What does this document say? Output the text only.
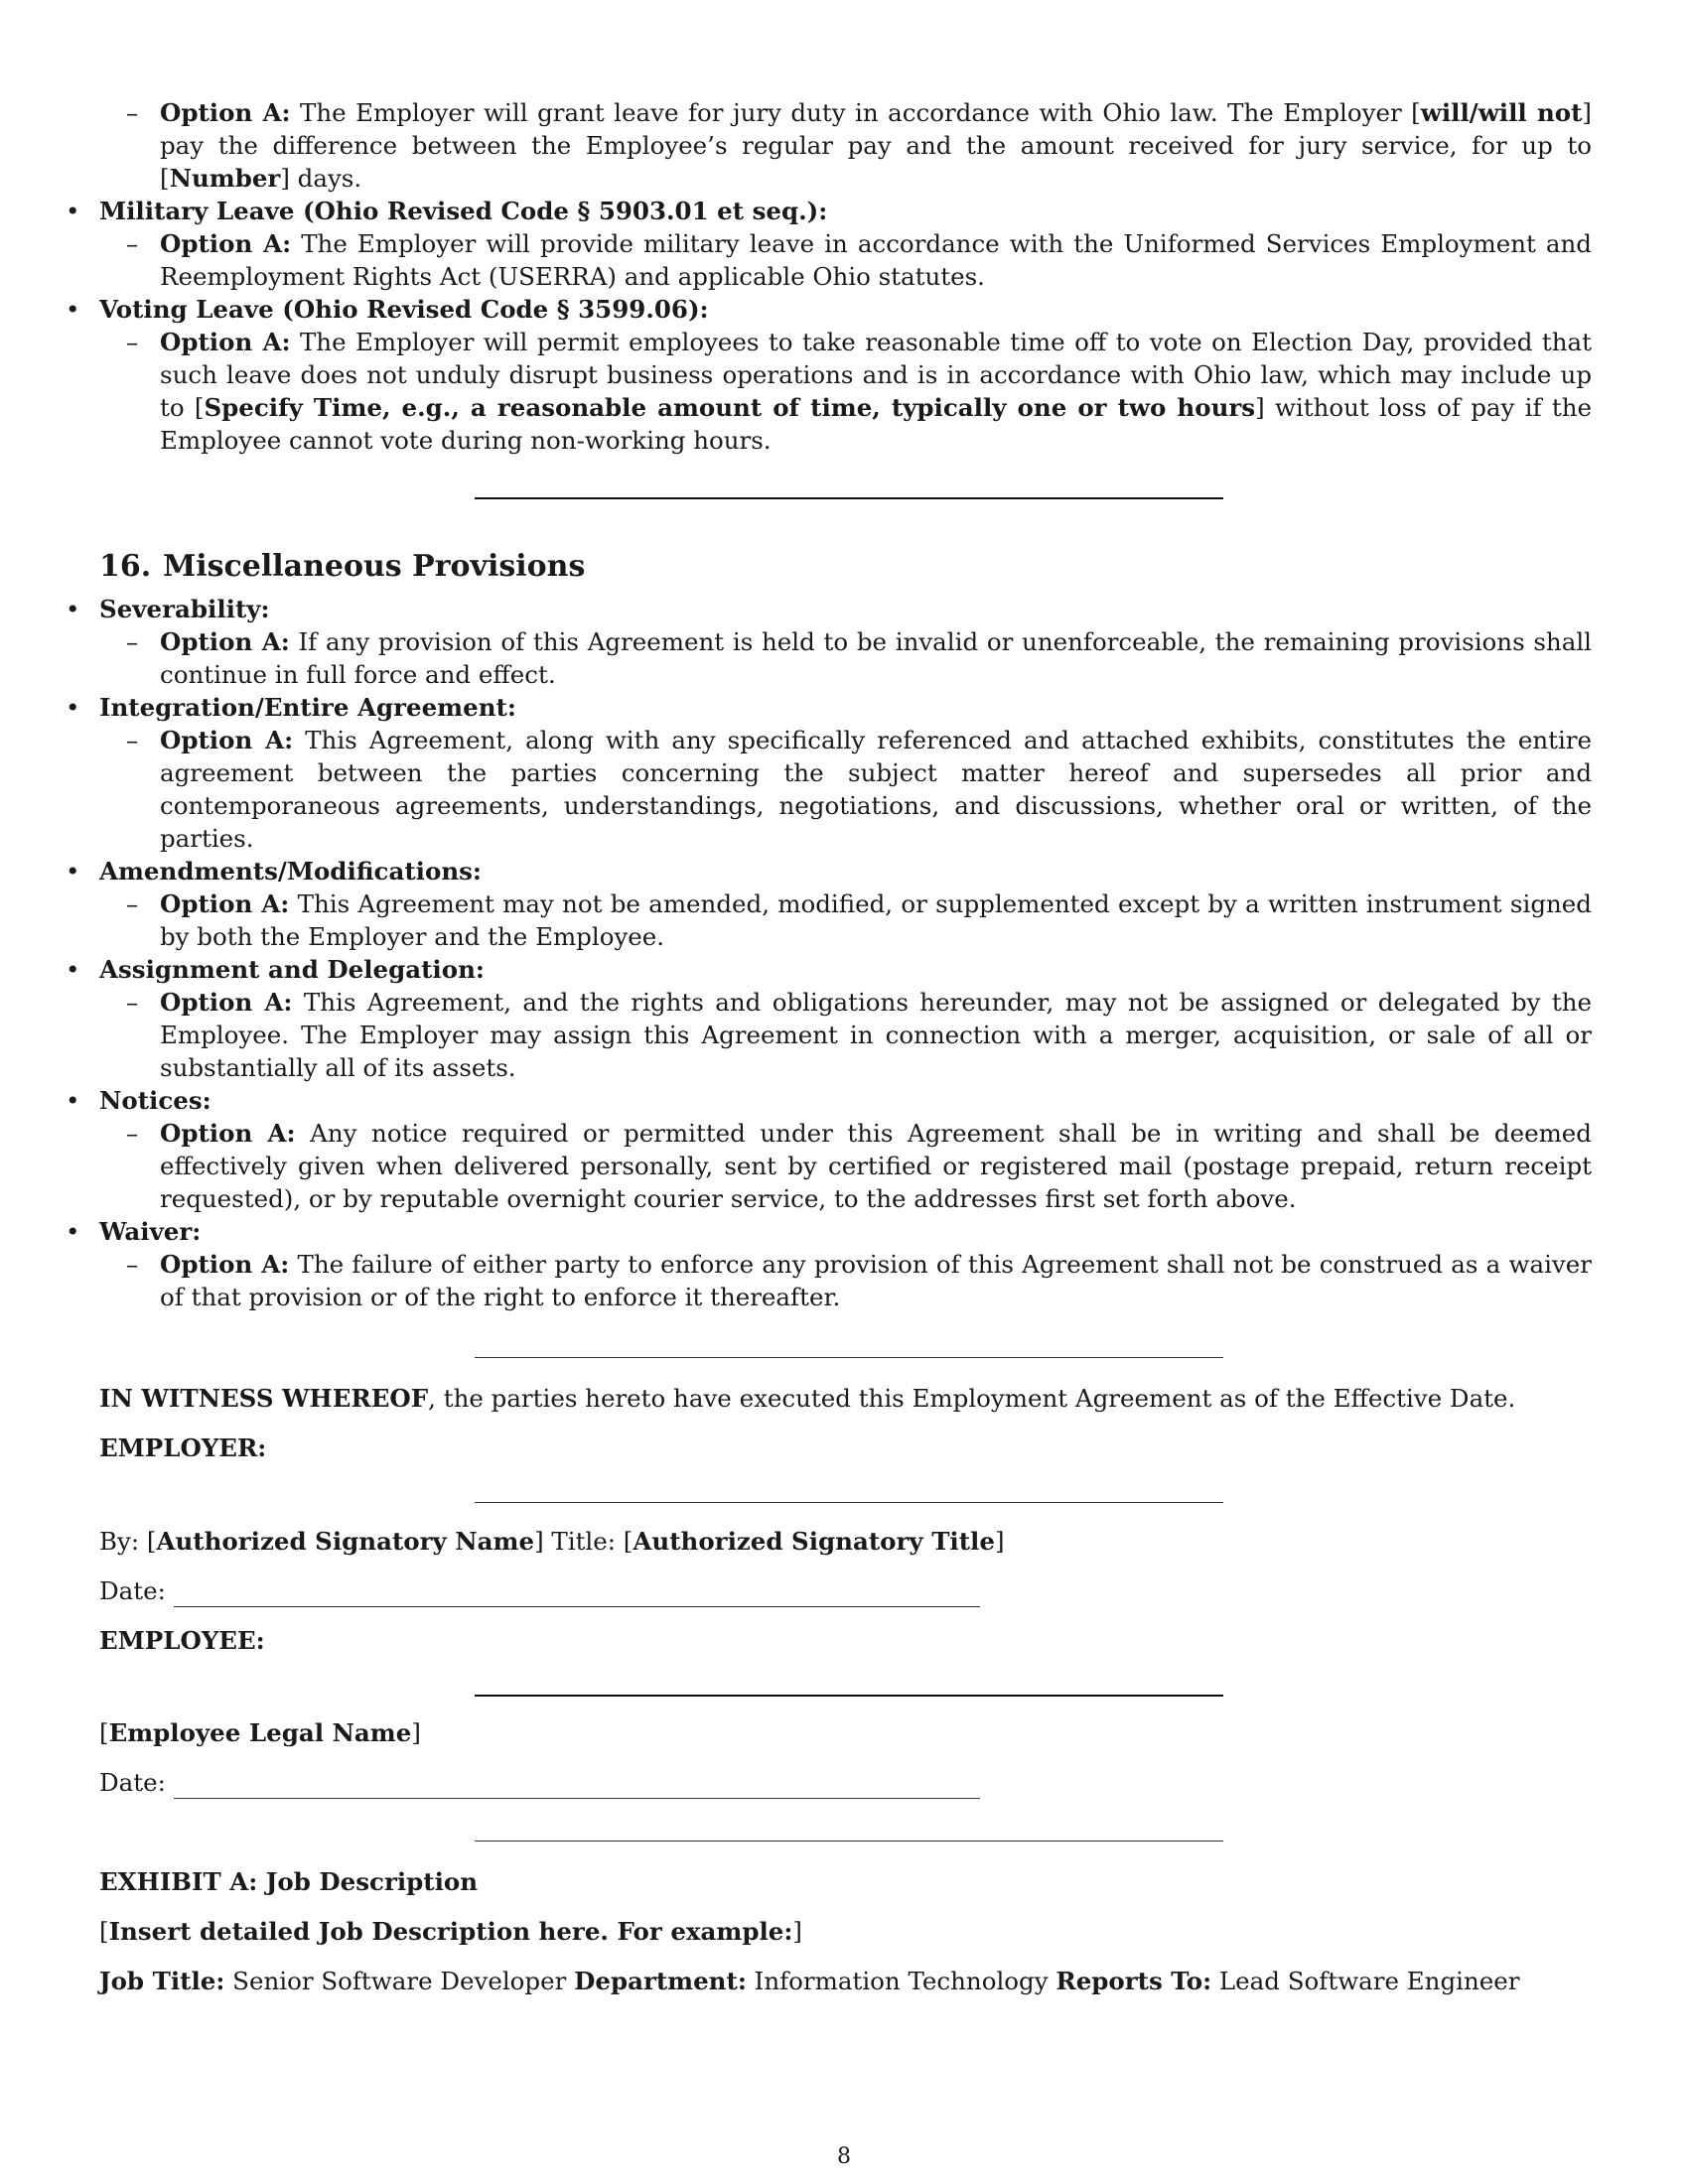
– Option A: The Employer will grant leave for jury duty in accordance with Ohio law. The Employer [will/will not] pay the difference between the Employee’s regular pay and the amount received for jury service, for up to [Number] days.
• Military Leave (Ohio Revised Code § 5903.01 et seq.):
– Option A: The Employer will provide military leave in accordance with the Uniformed Services Employment and Reemployment Rights Act (USERRA) and applicable Ohio statutes.
• Voting Leave (Ohio Revised Code § 3599.06):
– Option A: The Employer will permit employees to take reasonable time off to vote on Election Day, provided that such leave does not unduly disrupt business operations and is in accordance with Ohio law, which may include up to [Specify Time, e.g., a reasonable amount of time, typically one or two hours] without loss of pay if the Employee cannot vote during non-working hours.
16. Miscellaneous Provisions
• Severability:
– Option A: If any provision of this Agreement is held to be invalid or unenforceable, the remaining provisions shall continue in full force and effect.
• Integration/Entire Agreement:
– Option A: This Agreement, along with any specifically referenced and attached exhibits, constitutes the entire agreement between the parties concerning the subject matter hereof and supersedes all prior and contemporaneous agreements, understandings, negotiations, and discussions, whether oral or written, of the parties.
• Amendments/Modifications:
– Option A: This Agreement may not be amended, modified, or supplemented except by a written instrument signed by both the Employer and the Employee.
• Assignment and Delegation:
– Option A: This Agreement, and the rights and obligations hereunder, may not be assigned or delegated by the Employee. The Employer may assign this Agreement in connection with a merger, acquisition, or sale of all or substantially all of its assets.
• Notices:
– Option A: Any notice required or permitted under this Agreement shall be in writing and shall be deemed effectively given when delivered personally, sent by certified or registered mail (postage prepaid, return receipt requested), or by reputable overnight courier service, to the addresses first set forth above.
• Waiver:
– Option A: The failure of either party to enforce any provision of this Agreement shall not be construed as a waiver of that provision or of the right to enforce it thereafter.

IN WITNESS WHEREOF, the parties hereto have executed this Employment Agreement as of the Effective Date.

EMPLOYER:

By: [Authorized Signatory Name] Title: [Authorized Signatory Title]

Date:

EMPLOYEE:

[Employee Legal Name]

Date:

EXHIBIT A: Job Description

[Insert detailed Job Description here. For example:]

Job Title: Senior Software Developer Department: Information Technology Reports To: Lead Software Engineer

8
